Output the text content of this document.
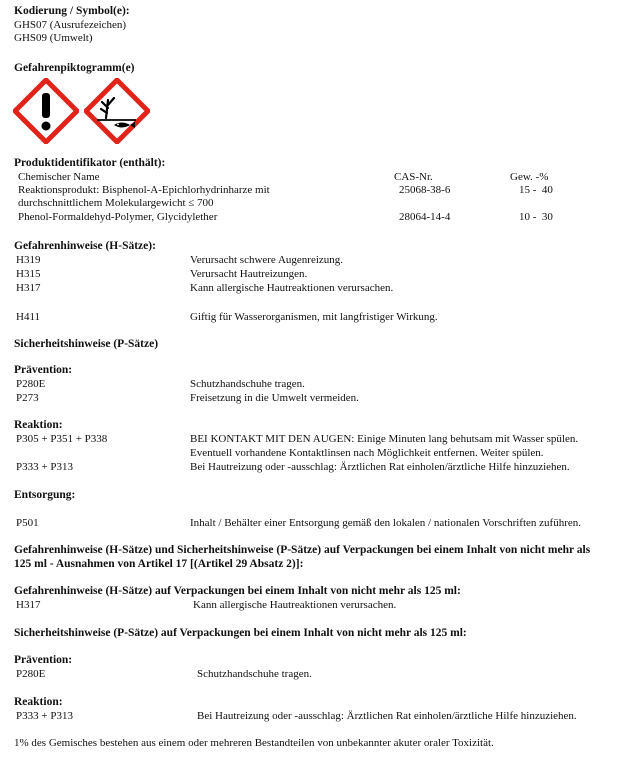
Kodierung / Symbol(e):
GHS07 (Ausrufezeichen)
GHS09 (Umwelt)
Gefahrenpiktogramm(e)
Produktidentifikator (enthält):
Chemischer Name	CAS-Nr.	Gew. -%
Reaktionsprodukt: Bisphenol-A-Epichlorhydrinharze mit
durchschnittlichem Molekulargewicht ≤ 700
25068-38-6	15 -  40
Phenol-Formaldehyd-Polymer, Glycidylether	28064-14-4	10 -  30
Gefahrenhinweise (H-Sätze):
H319	Verursacht schwere Augenreizung.
H315	Verursacht Hautreizungen.
H317	Kann allergische Hautreaktionen verursachen.
H411	Giftig für Wasserorganismen, mit langfristiger Wirkung.
Sicherheitshinweise (P-Sätze)
Prävention:
P280E	Schutzhandschuhe tragen.
P273	Freisetzung in die Umwelt vermeiden.
Reaktion:
P305 + P351 + P338	BEI KONTAKT MIT DEN AUGEN: Einige Minuten lang behutsam mit Wasser spülen.
Eventuell vorhandene Kontaktlinsen nach Möglichkeit entfernen. Weiter spülen.
P333 + P313	Bei Hautreizung oder -ausschlag: Ärztlichen Rat einholen/ärztliche Hilfe hinzuziehen.
Entsorgung:
P501	Inhalt / Behälter einer Entsorgung gemäß den lokalen / nationalen Vorschriften zuführen.
Gefahrenhinweise (H-Sätze) und Sicherheitshinweise (P-Sätze) auf Verpackungen bei einem Inhalt von nicht mehr als
125 ml - Ausnahmen von Artikel 17 [(Artikel 29 Absatz 2)]:
Gefahrenhinweise (H-Sätze) auf Verpackungen bei einem Inhalt von nicht mehr als 125 ml:
H317	Kann allergische Hautreaktionen verursachen.
Sicherheitshinweise (P-Sätze) auf Verpackungen bei einem Inhalt von nicht mehr als 125 ml:
Prävention:
P280E	Schutzhandschuhe tragen.
Reaktion:
P333 + P313	Bei Hautreizung oder -ausschlag: Ärztlichen Rat einholen/ärztliche Hilfe hinzuziehen.
1% des Gemisches bestehen aus einem oder mehreren Bestandteilen von unbekannter akuter oraler Toxizität.
